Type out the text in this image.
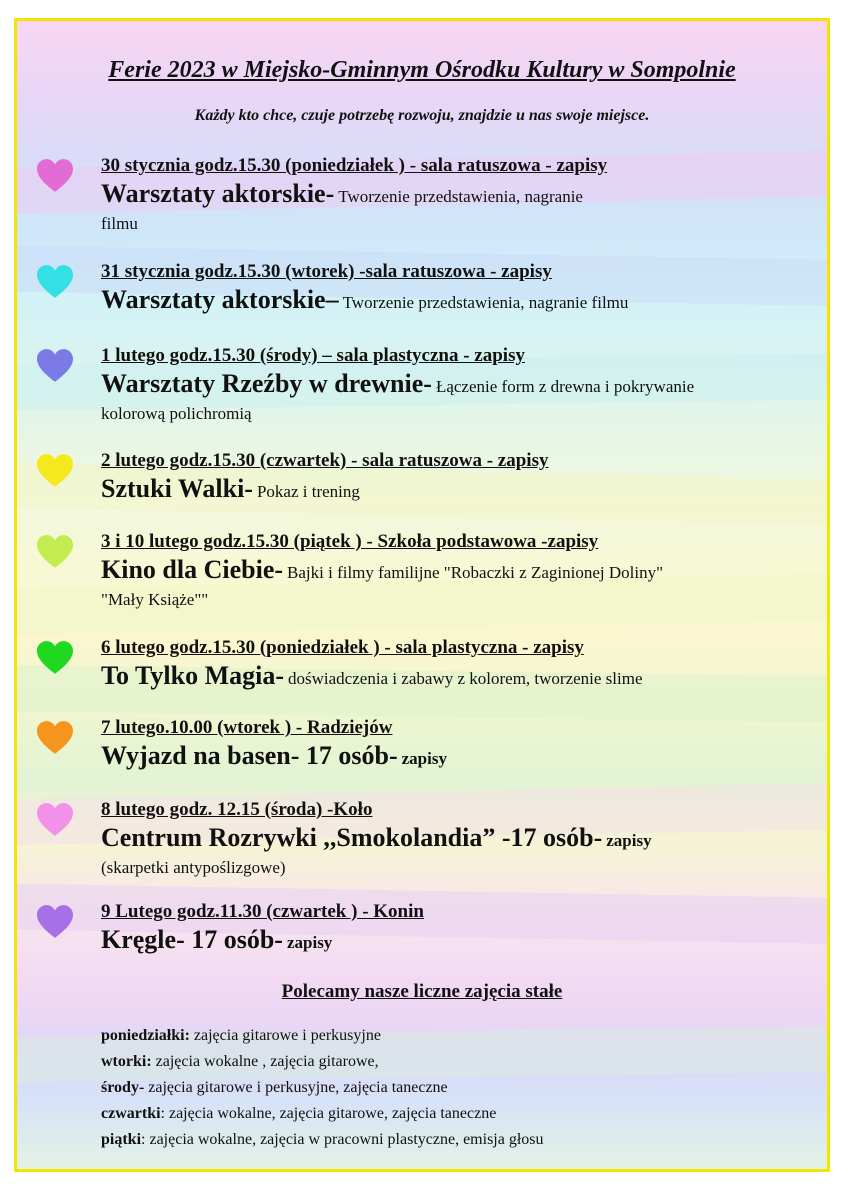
Ferie 2023 w Miejsko-Gminnym Ośrodku Kultury w Sompolnie
Każdy kto chce, czuje potrzebę rozwoju, znajdzie u nas swoje miejsce.
30 stycznia godz.15.30 (poniedziałek ) - sala ratuszowa - zapisy
Warsztaty aktorskie- Tworzenie przedstawienia, nagranie
filmu
31 stycznia godz.15.30 (wtorek) -sala ratuszowa - zapisy
Warsztaty aktorskie– Tworzenie przedstawienia, nagranie filmu
1 lutego godz.15.30 (środy) – sala plastyczna - zapisy
Warsztaty Rzeźby w drewnie- Łączenie form z drewna i pokrywanie
kolorową polichromią
2 lutego godz.15.30 (czwartek) - sala ratuszowa - zapisy
Sztuki Walki- Pokaz i trening
3 i 10 lutego godz.15.30 (piątek ) - Szkoła podstawowa -zapisy
Kino dla Ciebie- Bajki i filmy familijne "Robaczki z Zaginionej Doliny"
"Mały Książe""
6 lutego godz.15.30 (poniedziałek ) - sala plastyczna - zapisy
To Tylko Magia- doświadczenia i zabawy z kolorem, tworzenie slime
7 lutego.10.00 (wtorek ) - Radziejów
Wyjazd na basen- 17 osób- zapisy
8 lutego godz. 12.15 (środa) -Koło
Centrum Rozrywki ,,Smokolandia” -17 osób- zapisy
(skarpetki antypoślizgowe)
9 Lutego godz.11.30 (czwartek ) - Konin
Kręgle- 17 osób- zapisy
Polecamy nasze liczne zajęcia stałe
poniedziałki: zajęcia gitarowe i perkusyjne
wtorki: zajęcia wokalne , zajęcia gitarowe,
środy- zajęcia gitarowe i perkusyjne, zajęcia taneczne
czwartki: zajęcia wokalne, zajęcia gitarowe, zajęcia taneczne
piątki: zajęcia wokalne, zajęcia w pracowni plastyczne, emisja głosu
